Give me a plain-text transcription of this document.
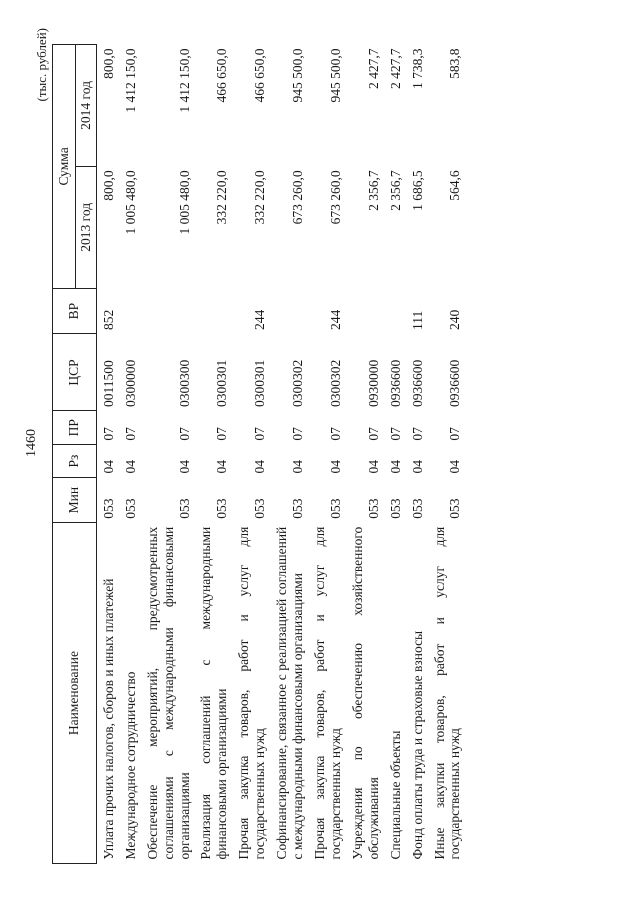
1460
(тыс. рублей)
Наименование	Мин	Рз	ПР	ЦСР	ВР	Сумма	
						2013 год	2014 год
Уплата прочих налогов, сборов и иных платежей	053	04	07	0011500	852	800,0	800,0
Международное сотрудничество	053	04	07	0300000		1 005 480,0	1 412 150,0
Обеспечение мероприятий, предусмотренных соглашениями с международными финансовыми организациями	053	04	07	0300300		1 005 480,0	1 412 150,0
Реализация соглашений с международными финансовыми организациями	053	04	07	0300301		332 220,0	466 650,0
Прочая закупка товаров, работ и услуг для государственных нужд	053	04	07	0300301	244	332 220,0	466 650,0
Софинансирование, связанное с реализацией соглашений с международными финансовыми организациями	053	04	07	0300302		673 260,0	945 500,0
Прочая закупка товаров, работ и услуг для государственных нужд	053	04	07	0300302	244	673 260,0	945 500,0
Учреждения по обеспечению хозяйственного обслуживания	053	04	07	0930000		2 356,7	2 427,7
Специальные объекты	053	04	07	0936600		2 356,7	2 427,7
Фонд оплаты труда и страховые взносы	053	04	07	0936600	111	1 686,5	1 738,3
Иные закупки товаров, работ и услуг для государственных нужд	053	04	07	0936600	240	564,6	583,8
